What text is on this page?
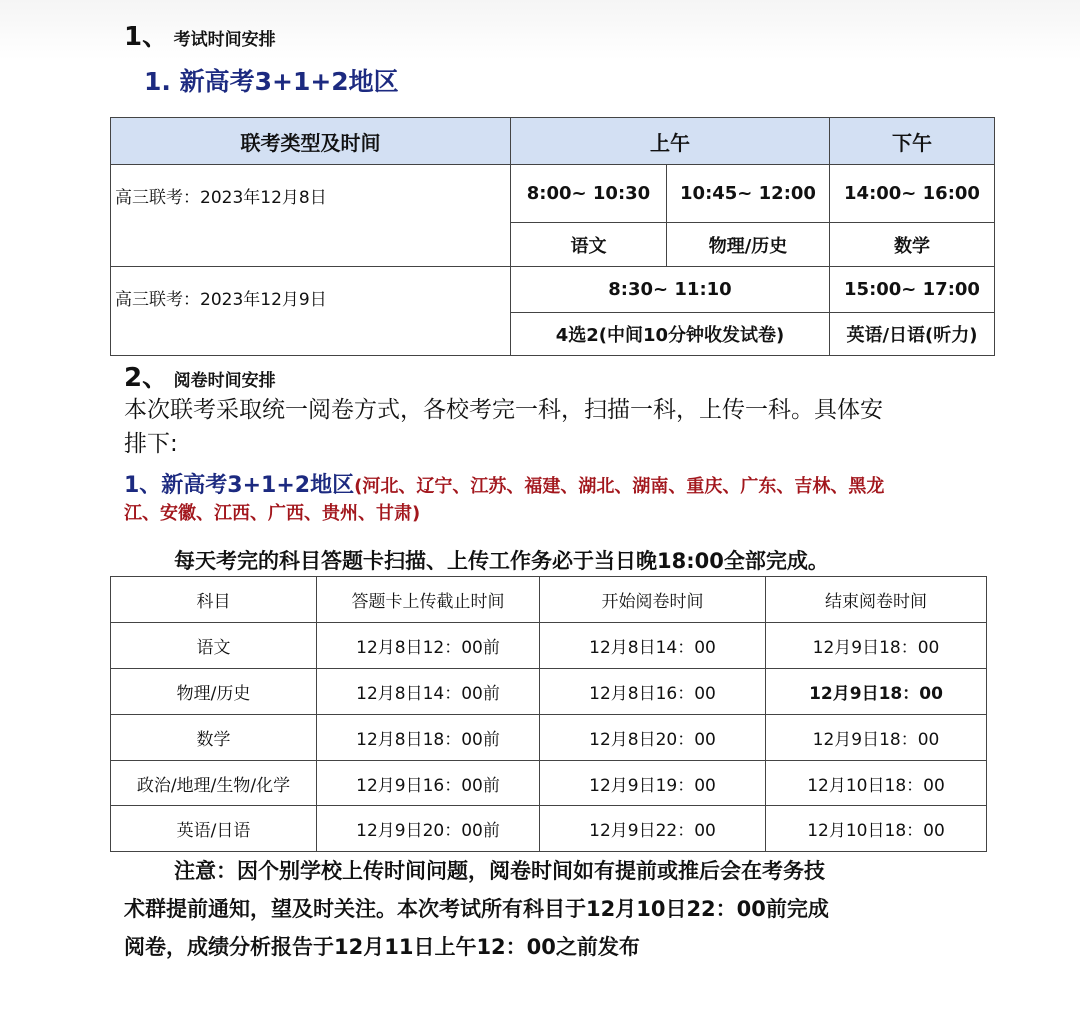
1、 考试时间安排
1. 新高考3+1+2地区
联考类型及时间	上午		下午
高三联考：2023年12月8日	8:00~ 10:30	10:45~ 12:00	14:00~ 16:00
	语文	物理/历史	数学
高三联考：2023年12月9日	8:30~ 11:10		15:00~ 17:00
	4选2(中间10分钟收发试卷)		英语/日语(听力)
2、 阅卷时间安排
本次联考采取统一阅卷方式，各校考完一科，扫描一科，上传一科。具体安
排下:
1、新高考3+1+2地区(河北、辽宁、江苏、福建、湖北、湖南、重庆、广东、吉林、黑龙
江、安徽、江西、广西、贵州、甘肃)
每天考完的科目答题卡扫描、上传工作务必于当日晚18:00全部完成。
科目	答题卡上传截止时间	开始阅卷时间	结束阅卷时间
语文	12月8日12：00前	12月8日14：00	12月9日18：00
物理/历史	12月8日14：00前	12月8日16：00	12月9日18：00
数学	12月8日18：00前	12月8日20：00	12月9日18：00
政治/地理/生物/化学	12月9日16：00前	12月9日19：00	12月10日18：00
英语/日语	12月9日20：00前	12月9日22：00	12月10日18：00
注意：因个别学校上传时间问题，阅卷时间如有提前或推后会在考务技
术群提前通知，望及时关注。本次考试所有科目于12月10日22：00前完成
阅卷，成绩分析报告于12月11日上午12：00之前发布
